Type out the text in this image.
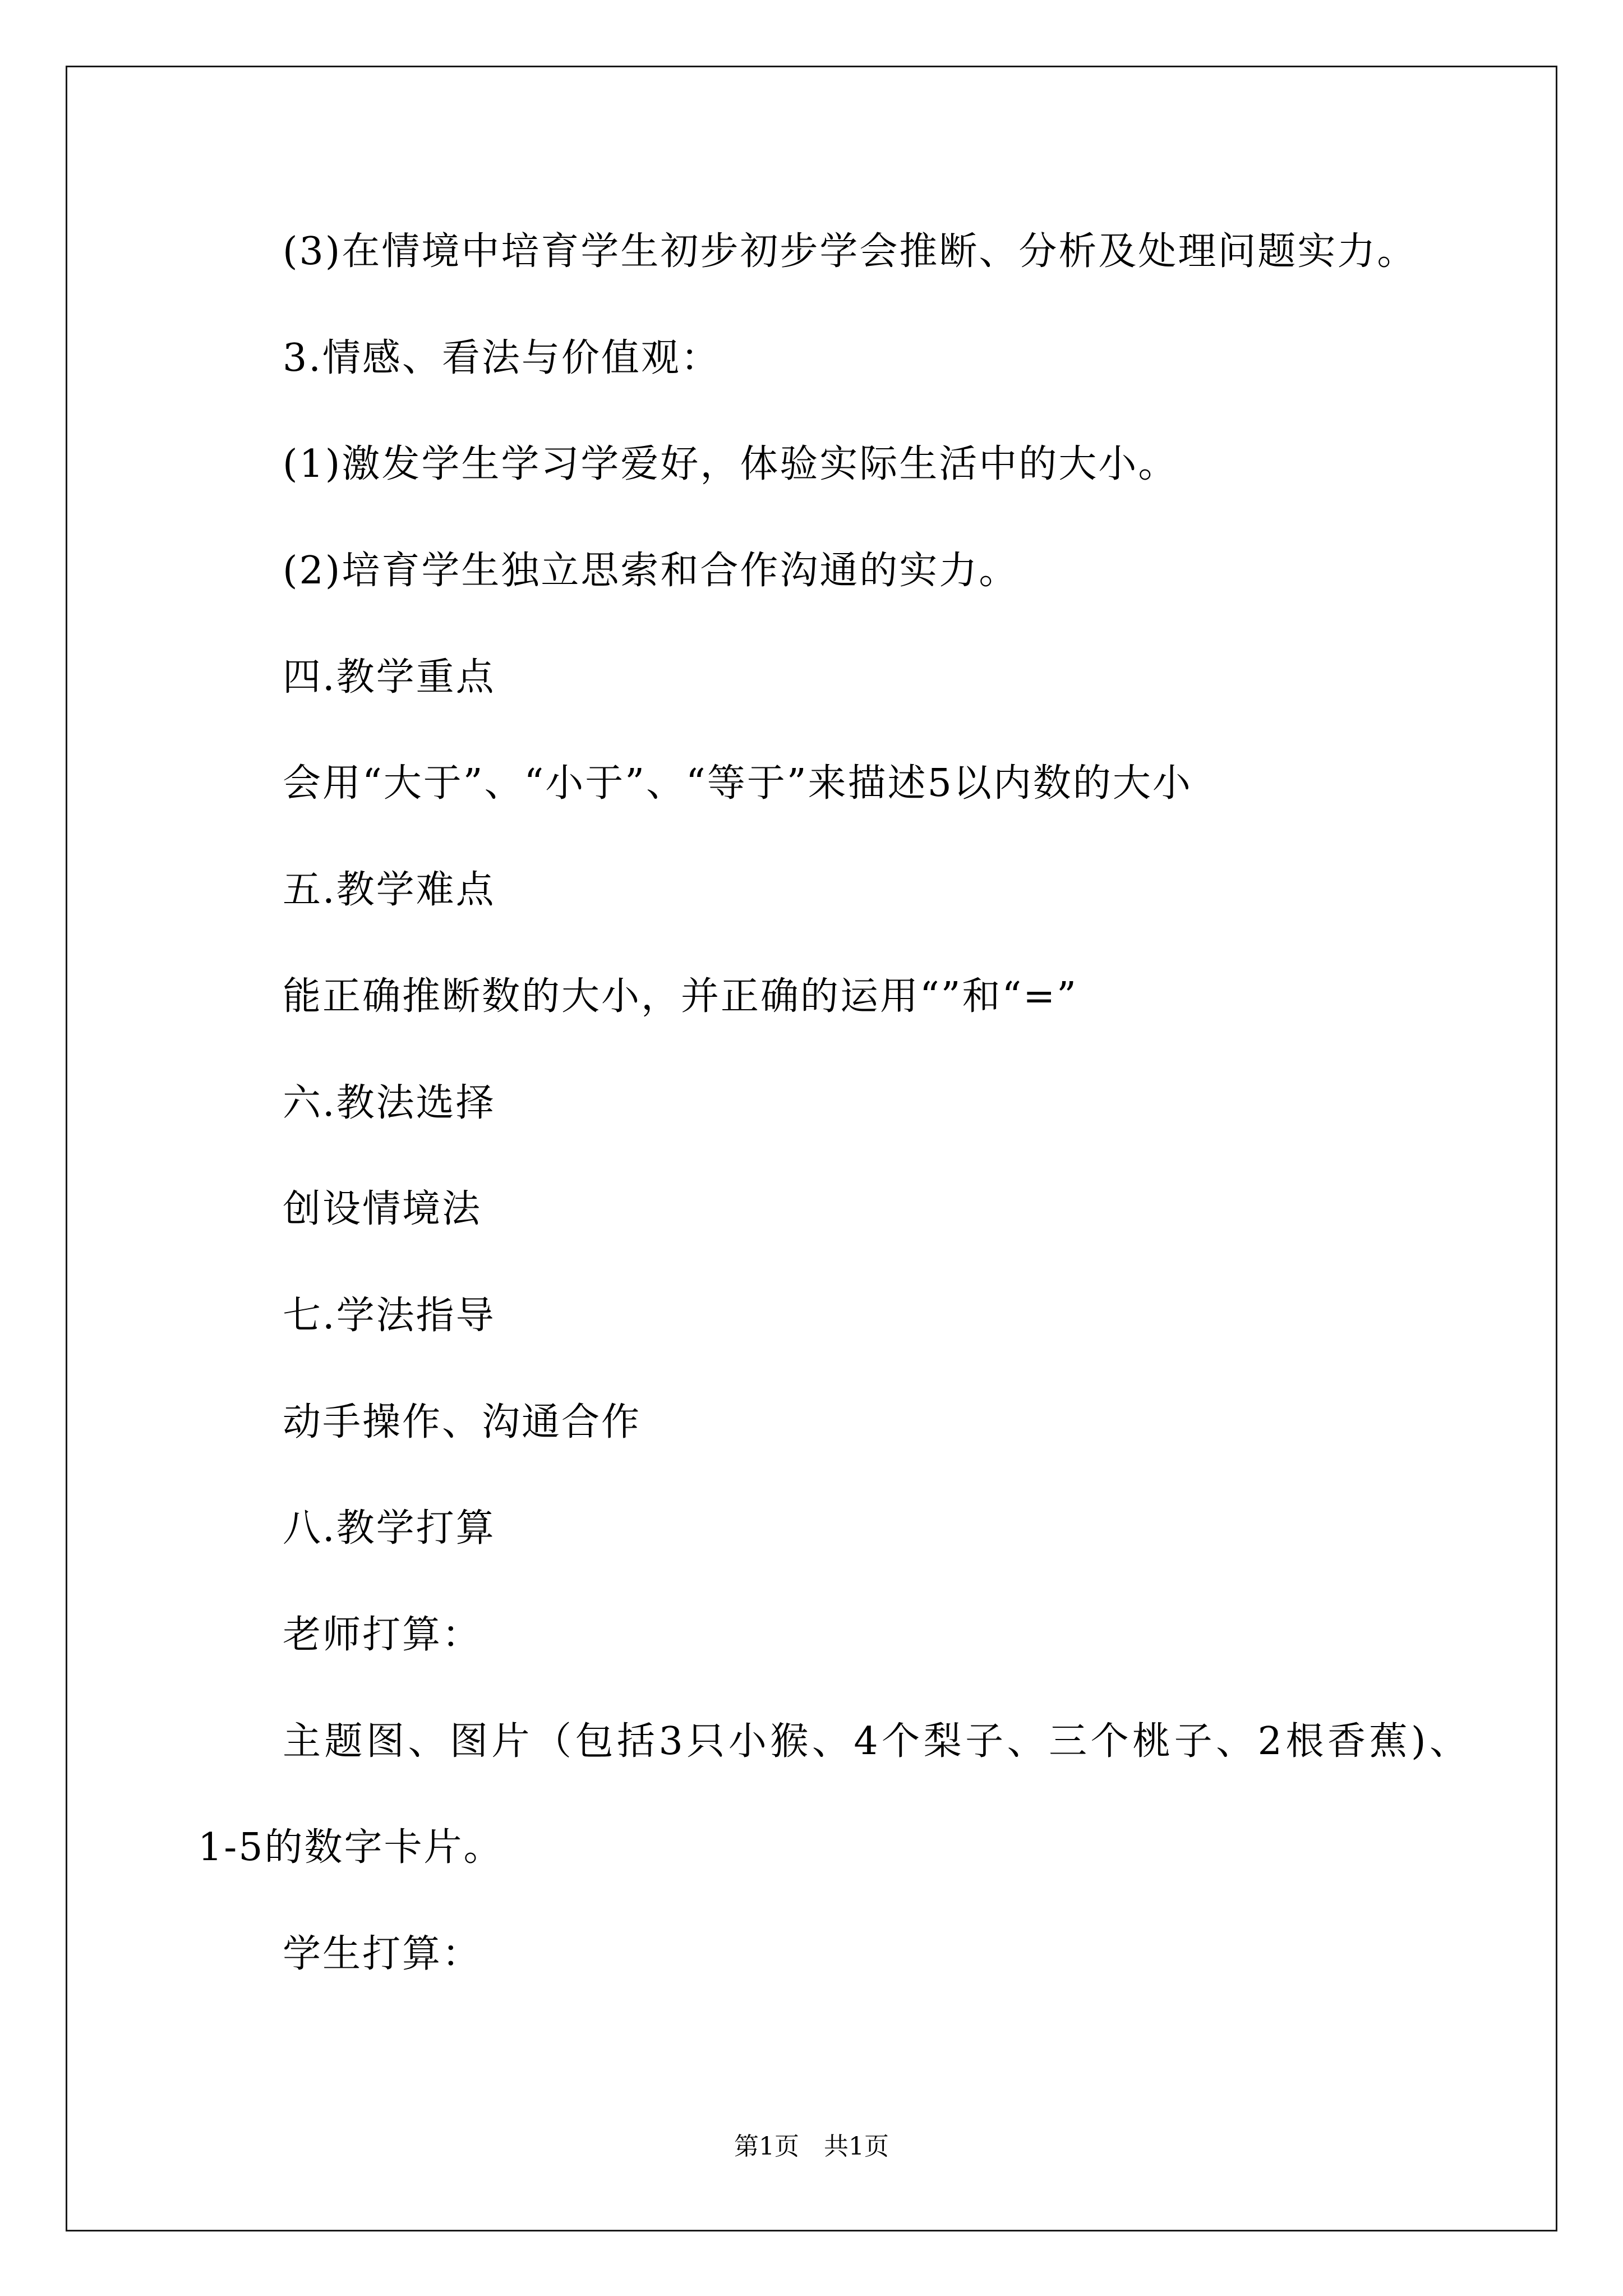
(3)在情境中培育学生初步初步学会推断、分析及处理问题实力。

3.情感、看法与价值观：

(1)激发学生学习学爱好，体验实际生活中的大小。

(2)培育学生独立思索和合作沟通的实力。

四.教学重点

会用“大于”、“小于”、“等于”来描述5以内数的大小

五.教学难点

能正确推断数的大小，并正确的运用“”和“=”

六.教法选择

创设情境法

七.学法指导

动手操作、沟通合作

八.教学打算

老师打算：

主题图、图片（包括3只小猴、4个梨子、三个桃子、2根香蕉)、
1-5的数字卡片。

学生打算：

第1页 共1页
